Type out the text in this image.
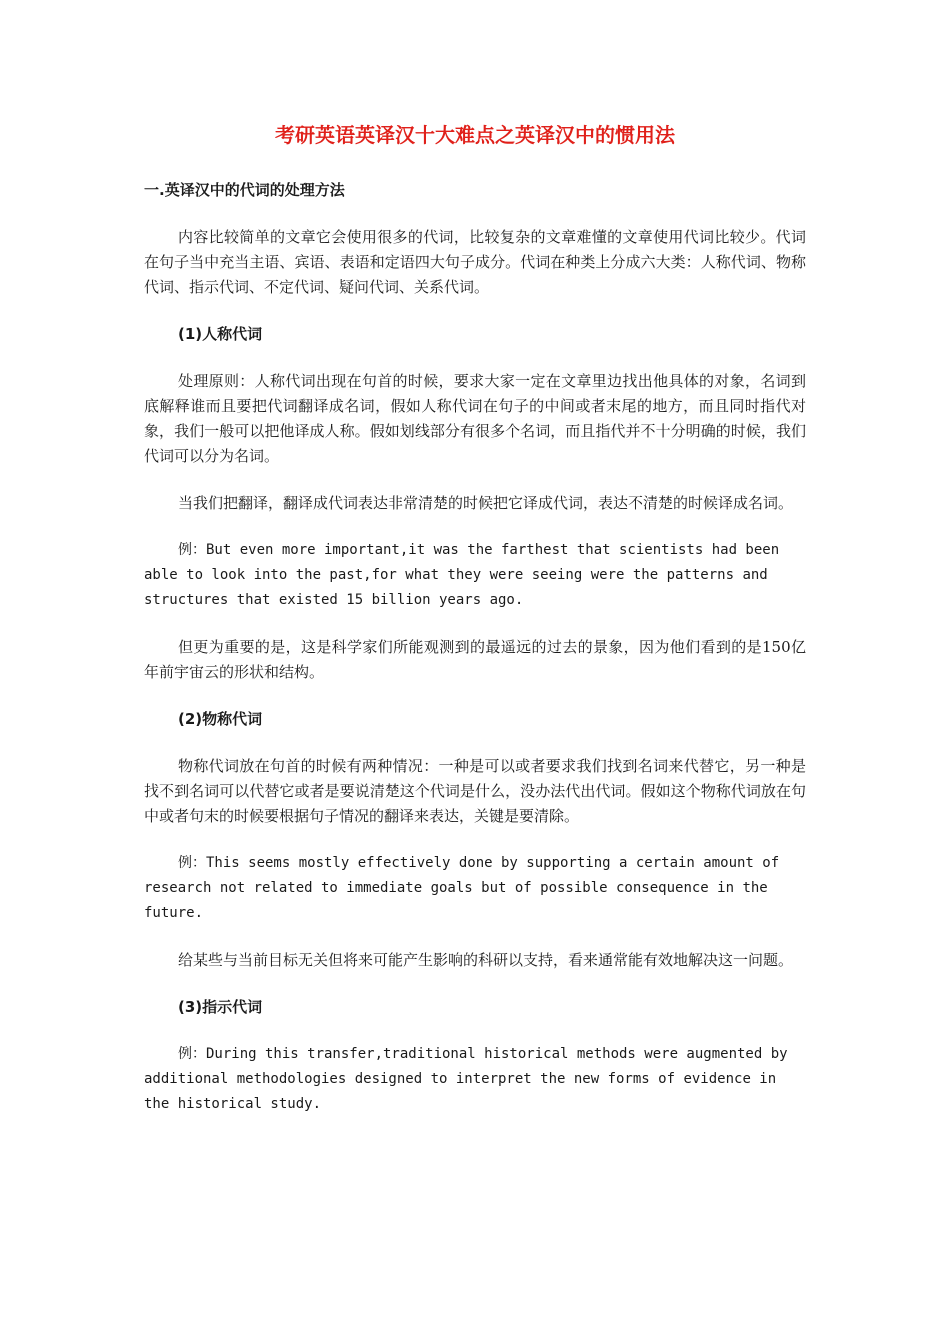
考研英语英译汉十大难点之英译汉中的惯用法
一.英译汉中的代词的处理方法

内容比较简单的文章它会使用很多的代词，比较复杂的文章难懂的文章使用代词比较少。代词在句子当中充当主语、宾语、表语和定语四大句子成分。代词在种类上分成六大类：人称代词、物称代词、指示代词、不定代词、疑问代词、关系代词。

(1)人称代词

处理原则：人称代词出现在句首的时候，要求大家一定在文章里边找出他具体的对象，名词到底解释谁而且要把代词翻译成名词，假如人称代词在句子的中间或者末尾的地方，而且同时指代对象，我们一般可以把他译成人称。假如划线部分有很多个名词，而且指代并不十分明确的时候，我们代词可以分为名词。

当我们把翻译，翻译成代词表达非常清楚的时候把它译成代词，表达不清楚的时候译成名词。

例：But even more important,it was the farthest that scientists had been able to look into the past,for what they were seeing were the patterns and structures that existed 15 billion years ago.

但更为重要的是，这是科学家们所能观测到的最遥远的过去的景象，因为他们看到的是150亿年前宇宙云的形状和结构。

(2)物称代词

物称代词放在句首的时候有两种情况：一种是可以或者要求我们找到名词来代替它，另一种是找不到名词可以代替它或者是要说清楚这个代词是什么，没办法代出代词。假如这个物称代词放在句中或者句末的时候要根据句子情况的翻译来表达，关键是要清除。

例：This seems mostly effectively done by supporting a certain amount of research not related to immediate goals but of possible consequence in the future.

给某些与当前目标无关但将来可能产生影响的科研以支持，看来通常能有效地解决这一问题。

(3)指示代词

例：During this transfer,traditional historical methods were augmented by additional methodologies designed to interpret the new forms of evidence in the historical study.
